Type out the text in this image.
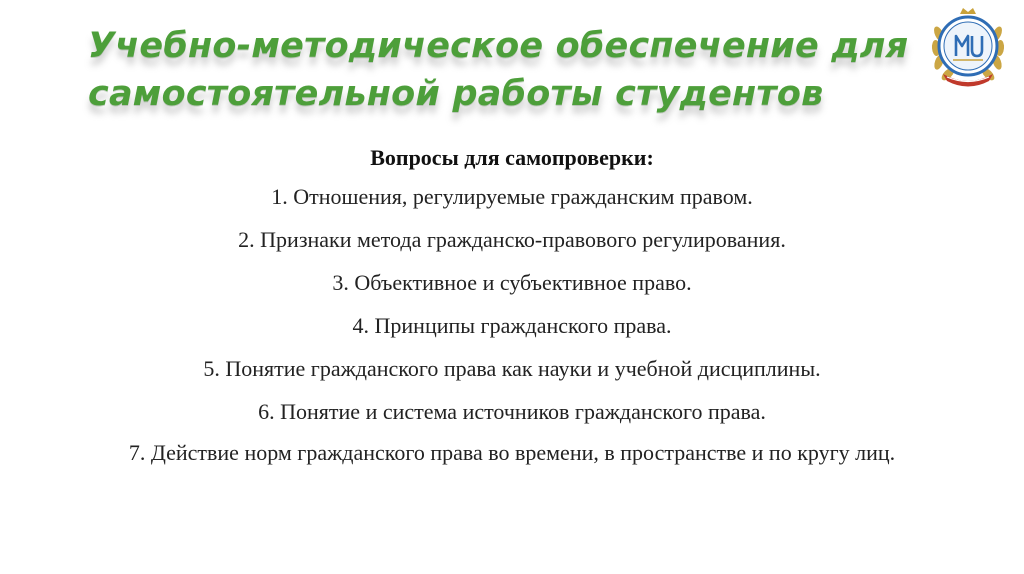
Учебно-методическое обеспечение для
самостоятельной работы студентов

Вопросы для самопроверки:

1. Отношения, регулируемые гражданским правом.

2. Признаки метода гражданско-правового регулирования.

3. Объективное и субъективное право.

4. Принципы гражданского права.

5. Понятие гражданского права как науки и учебной дисциплины.

6. Понятие и система источников гражданского права.

7. Действие норм гражданского права во времени, в пространстве и по кругу лиц.
